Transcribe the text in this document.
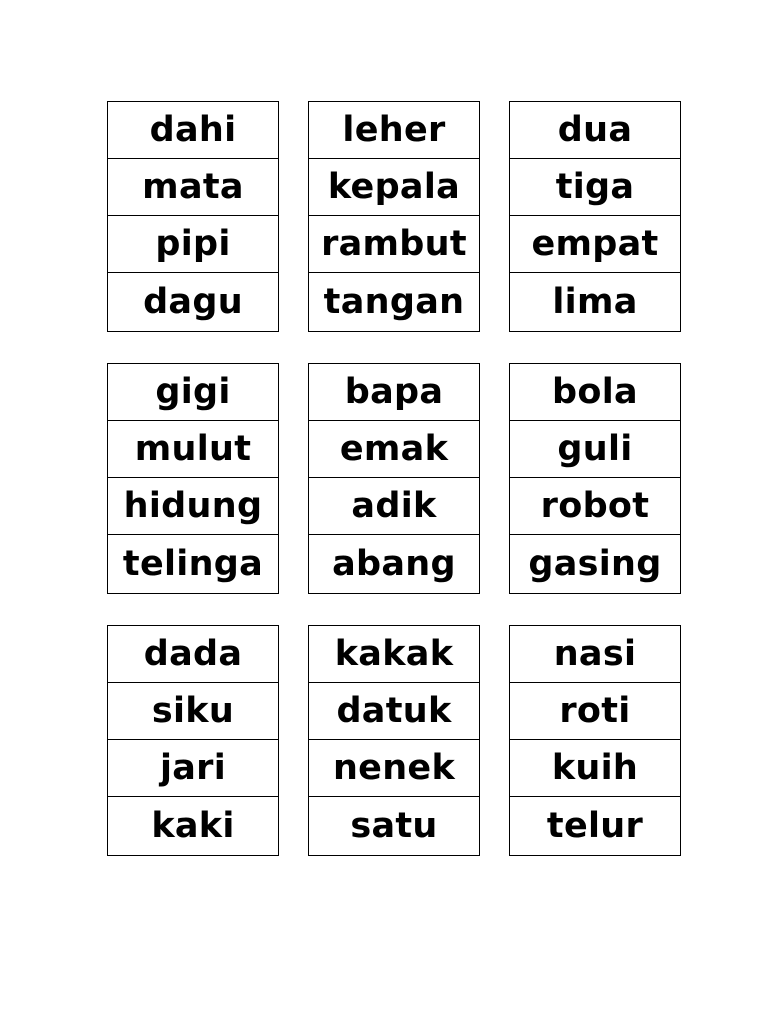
dahi
mata
pipi
dagu
leher
kepala
rambut
tangan
dua
tiga
empat
lima
gigi
mulut
hidung
telinga
bapa
emak
adik
abang
bola
guli
robot
gasing
dada
siku
jari
kaki
kakak
datuk
nenek
satu
nasi
roti
kuih
telur
